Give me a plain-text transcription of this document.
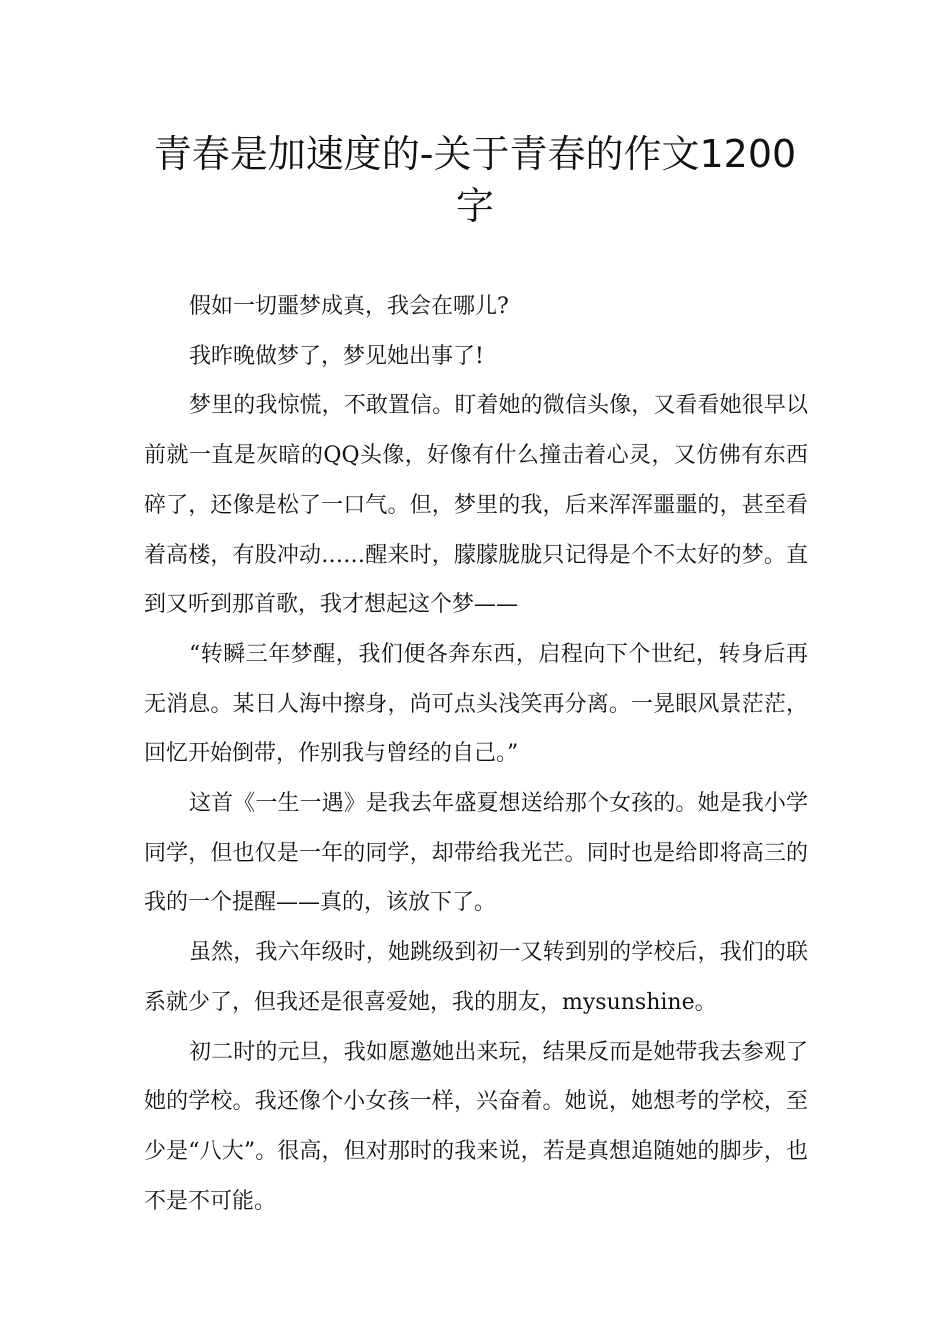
青春是加速度的-关于青春的作文1200字

假如一切噩梦成真，我会在哪儿?

我昨晚做梦了，梦见她出事了!

梦里的我惊慌，不敢置信。盯着她的微信头像，又看看她很早以前就一直是灰暗的QQ头像，好像有什么撞击着心灵，又仿佛有东西碎了，还像是松了一口气。但，梦里的我，后来浑浑噩噩的，甚至看着高楼，有股冲动……醒来时，朦朦胧胧只记得是个不太好的梦。直到又听到那首歌，我才想起这个梦——

“转瞬三年梦醒，我们便各奔东西，启程向下个世纪，转身后再无消息。某日人海中擦身，尚可点头浅笑再分离。一晃眼风景茫茫，回忆开始倒带，作别我与曾经的自己。”

这首《一生一遇》是我去年盛夏想送给那个女孩的。她是我小学同学，但也仅是一年的同学，却带给我光芒。同时也是给即将高三的我的一个提醒——真的，该放下了。

虽然，我六年级时，她跳级到初一又转到别的学校后，我们的联系就少了，但我还是很喜爱她，我的朋友，mysunshine。

初二时的元旦，我如愿邀她出来玩，结果反而是她带我去参观了她的学校。我还像个小女孩一样，兴奋着。她说，她想考的学校，至少是“八大”。很高，但对那时的我来说，若是真想追随她的脚步，也不是不可能。
